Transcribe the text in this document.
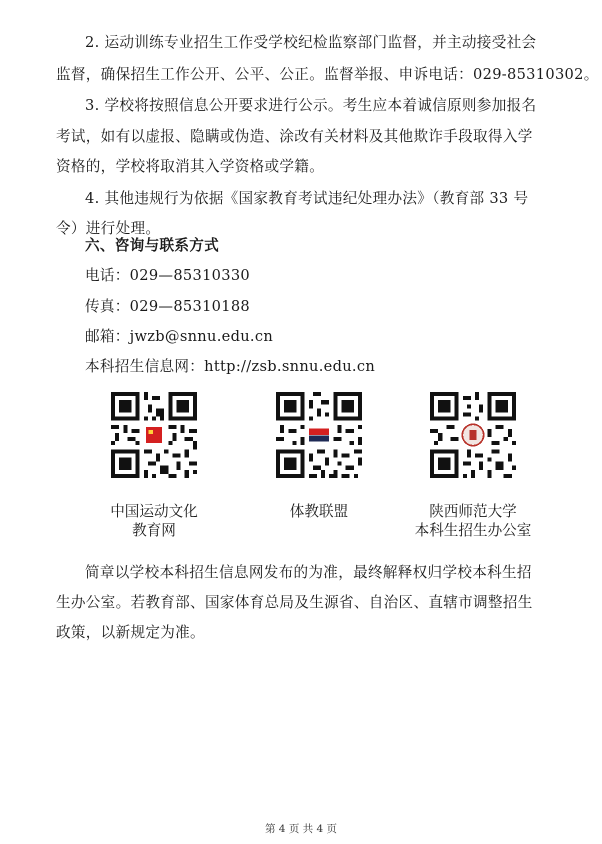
2. 运动训练专业招生工作受学校纪检监察部门监督，并主动接受社会
监督，确保招生工作公开、公平、公正。监督举报、申诉电话：029-85310302。
3. 学校将按照信息公开要求进行公示。考生应本着诚信原则参加报名
考试，如有以虚报、隐瞒或伪造、涂改有关材料及其他欺诈手段取得入学
资格的，学校将取消其入学资格或学籍。
4. 其他违规行为依据《国家教育考试违纪处理办法》（教育部 33 号
令）进行处理。
六、咨询与联系方式
电话：029—85310330
传真：029—85310188
邮箱：jwzb@snnu.edu.cn
本科招生信息网：http://zsb.snnu.edu.cn
中国运动文化
教育网
体教联盟	陕西师范大学
本科生招生办公室
简章以学校本科招生信息网发布的为准，最终解释权归学校本科生招
生办公室。若教育部、国家体育总局及生源省、自治区、直辖市调整招生
政策，以新规定为准。
第 4 页 共 4 页
